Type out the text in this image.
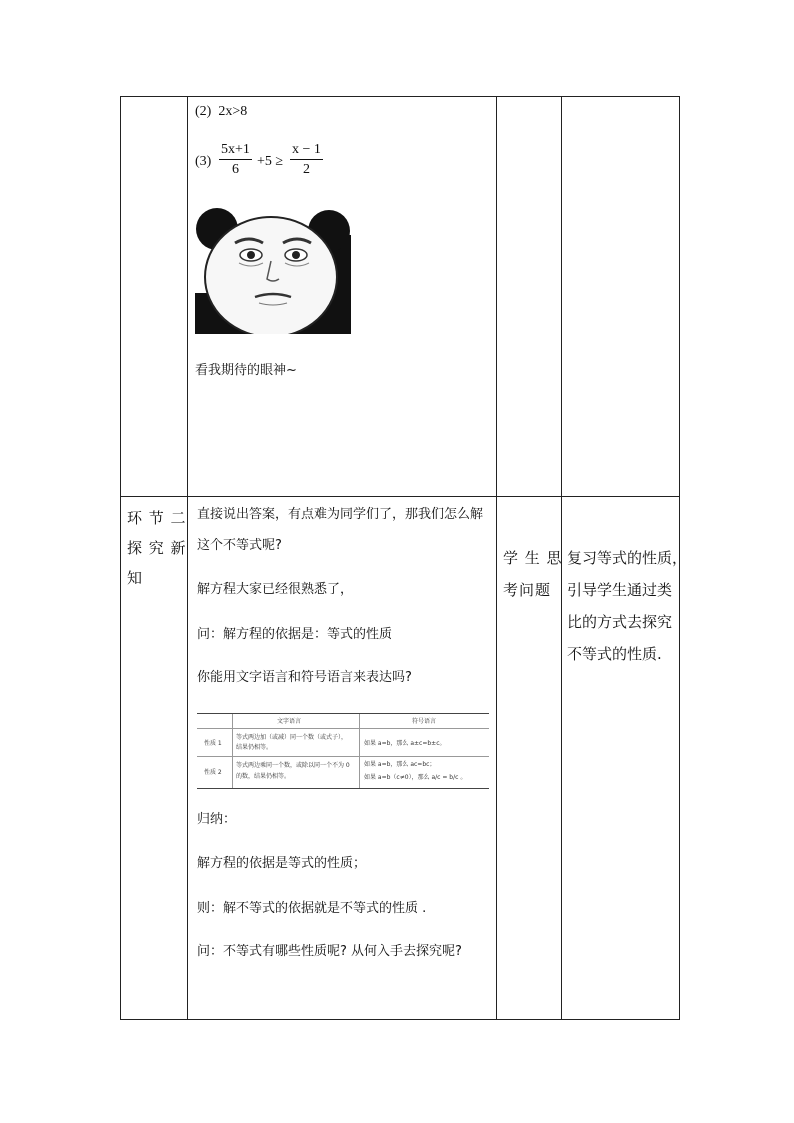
(2) 2x>8
$(3) \frac{5x+1}{6} +5 \ge \frac{x - 1}{2}$
看我期待的眼神~
环 节 二
探 究 新
知
直接说出答案，有点难为同学们了，那我们怎么解
这个不等式呢?
解方程大家已经很熟悉了，
问：解方程的依据是：等式的性质
你能用文字语言和符号语言来表达吗?
文字语言	符号语言
性质 1
等式两边加（或减）同一个数（或式子），
结果仍相等。
如果 a=b，那么 a±c=b±c。
性质 2
等式两边乘同一个数，或除以同一个不为 0
的数，结果仍相等。
如果 a=b，那么 ac=bc；
如果 a=b（c≠0），那么 a/c = b/c 。
归纳：
解方程的依据是等式的性质；
则：解不等式的依据就是不等式的性质 .
问：不等式有哪些性质呢? 从何入手去探究呢?
学 生 思
考问题
复习等式的性质，
引导学生通过类
比的方式去探究
不等式的性质.
